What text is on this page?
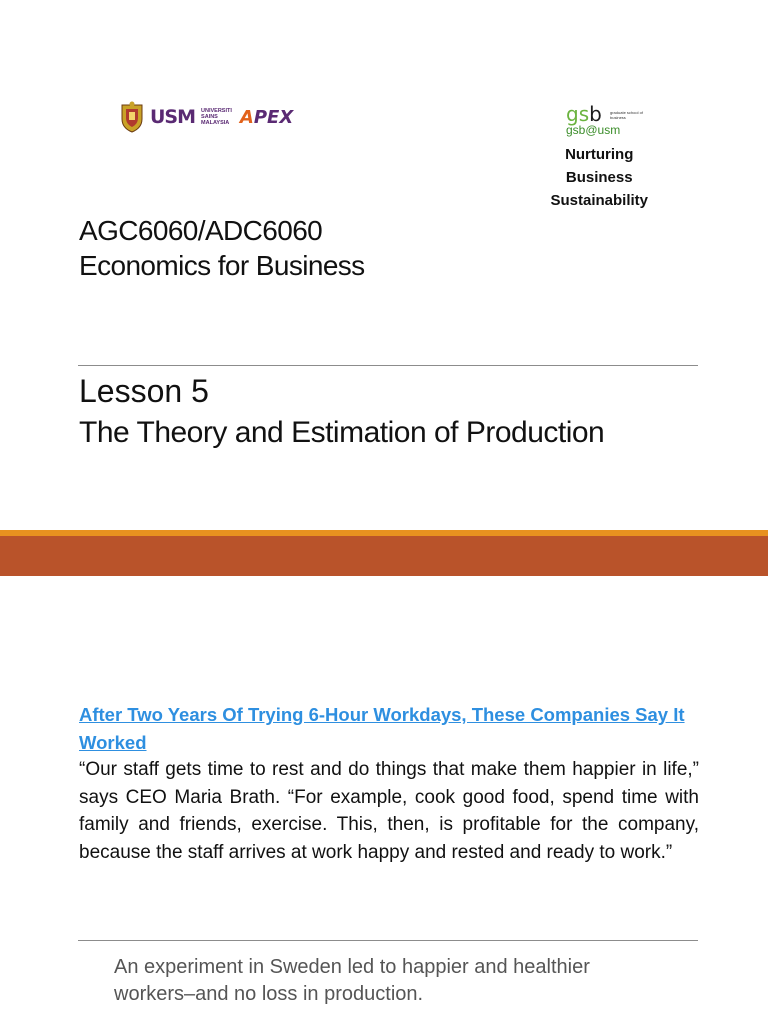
USM UNIVERSITI
SAINS
MALAYSIA APEX	gsb	graduate school of business
gsb@usm
Nurturing
Business
Sustainability
AGC6060/ADC6060
Economics for Business
Lesson 5
The Theory and Estimation of Production
After Two Years Of Trying 6-Hour Workdays, These Companies Say It Worked
“Our staff gets time to rest and do things that make them happier in life,” says CEO Maria Brath. “For example, cook good food, spend time with family and friends, exercise. This, then, is profitable for the company, because the staff arrives at work happy and rested and ready to work.”
An experiment in Sweden led to happier and healthier workers–and no loss in production.
